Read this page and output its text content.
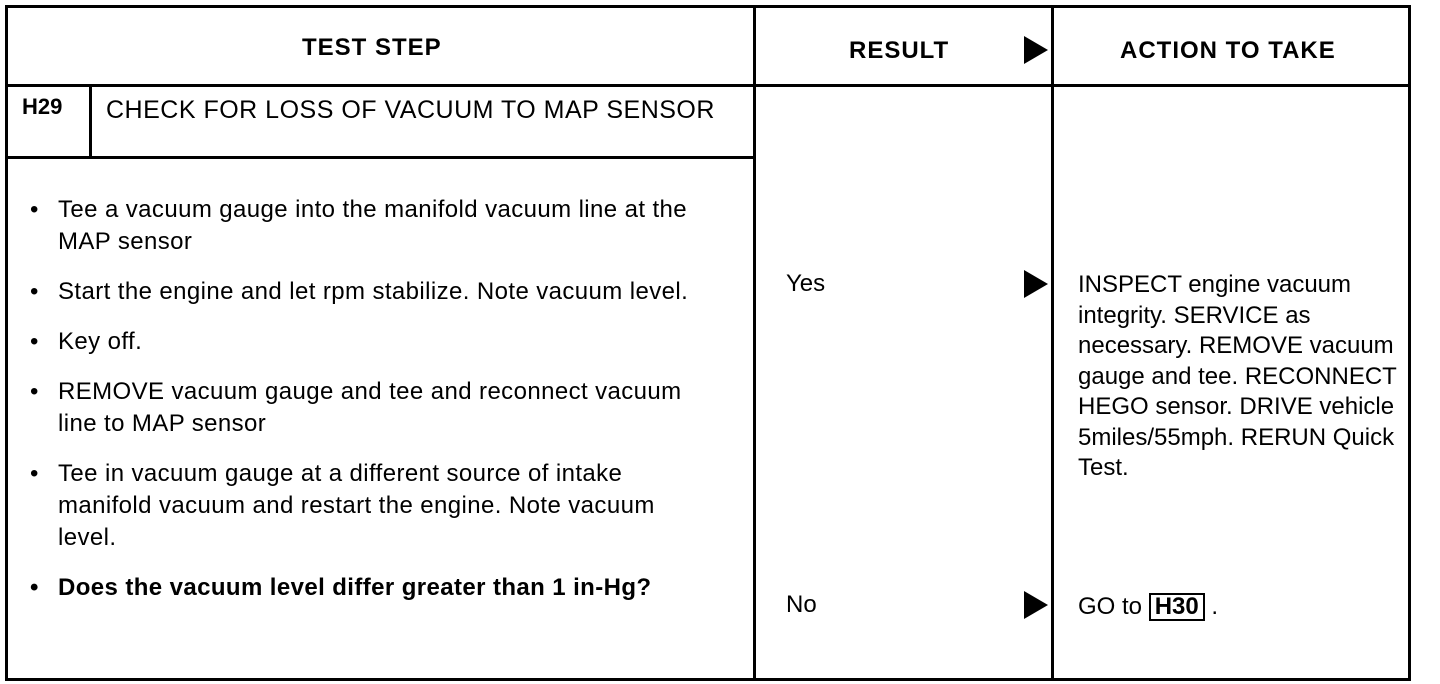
TEST STEP	RESULT	ACTION TO TAKE
H29 CHECK FOR LOSS OF VACUUM TO MAP SENSOR
• Tee a vacuum gauge into the manifold vacuum line at the MAP sensor
• Start the engine and let rpm stabilize. Note vacuum level.
• Key off.
• REMOVE vacuum gauge and tee and reconnect vacuum line to MAP sensor
• Tee in vacuum gauge at a different source of intake manifold vacuum and restart the engine. Note vacuum level.
• Does the vacuum level differ greater than 1 in-Hg?
Yes	INSPECT engine vacuum integrity. SERVICE as necessary. REMOVE vacuum gauge and tee. RECONNECT HEGO sensor. DRIVE vehicle 5miles/55mph. RERUN Quick Test.
No	GO to H30 .
